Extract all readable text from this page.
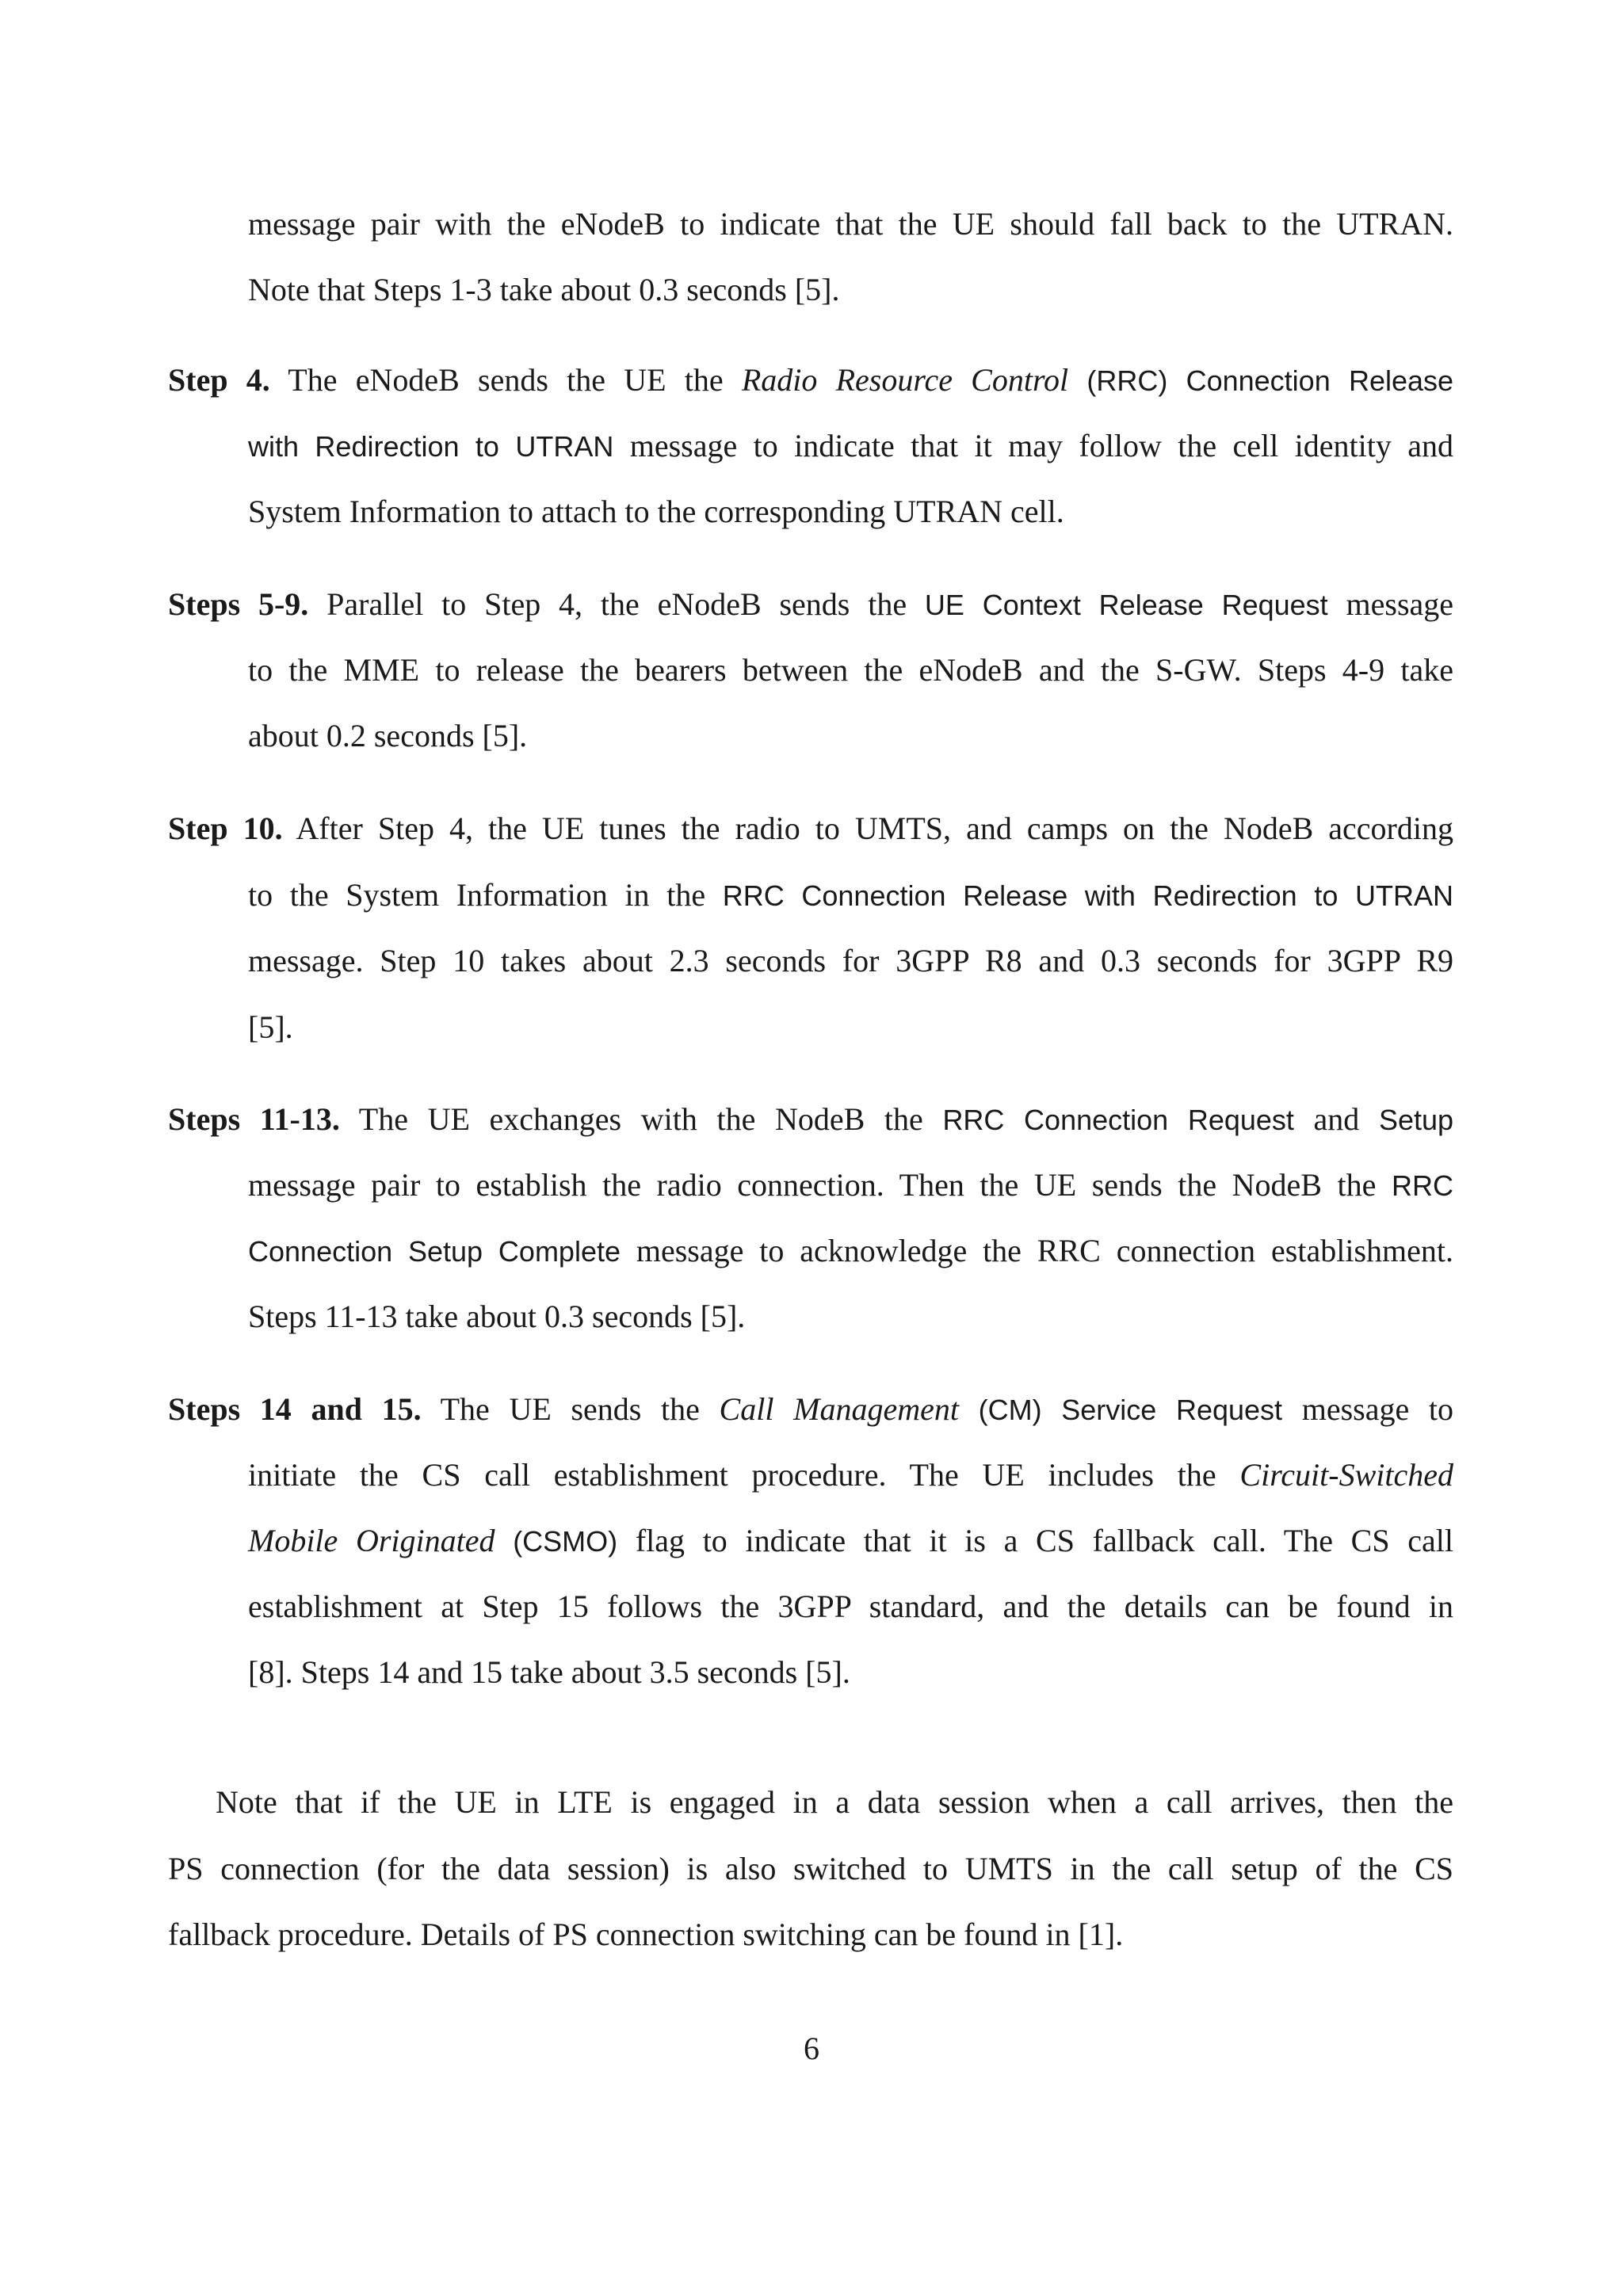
message pair with the eNodeB to indicate that the UE should fall back to the UTRAN.
Note that Steps 1-3 take about 0.3 seconds [5].
Step 4. The eNodeB sends the UE the Radio Resource Control (RRC) Connection Release
with Redirection to UTRAN message to indicate that it may follow the cell identity and
System Information to attach to the corresponding UTRAN cell.
Steps 5-9. Parallel to Step 4, the eNodeB sends the UE Context Release Request message
to the MME to release the bearers between the eNodeB and the S-GW. Steps 4-9 take
about 0.2 seconds [5].
Step 10. After Step 4, the UE tunes the radio to UMTS, and camps on the NodeB according
to the System Information in the RRC Connection Release with Redirection to UTRAN
message. Step 10 takes about 2.3 seconds for 3GPP R8 and 0.3 seconds for 3GPP R9
[5].
Steps 11-13. The UE exchanges with the NodeB the RRC Connection Request and Setup
message pair to establish the radio connection. Then the UE sends the NodeB the RRC
Connection Setup Complete message to acknowledge the RRC connection establishment.
Steps 11-13 take about 0.3 seconds [5].
Steps 14 and 15. The UE sends the Call Management (CM) Service Request message to
initiate the CS call establishment procedure. The UE includes the Circuit-Switched
Mobile Originated (CSMO) flag to indicate that it is a CS fallback call. The CS call
establishment at Step 15 follows the 3GPP standard, and the details can be found in
[8]. Steps 14 and 15 take about 3.5 seconds [5].
Note that if the UE in LTE is engaged in a data session when a call arrives, then the
PS connection (for the data session) is also switched to UMTS in the call setup of the CS
fallback procedure. Details of PS connection switching can be found in [1].
6
